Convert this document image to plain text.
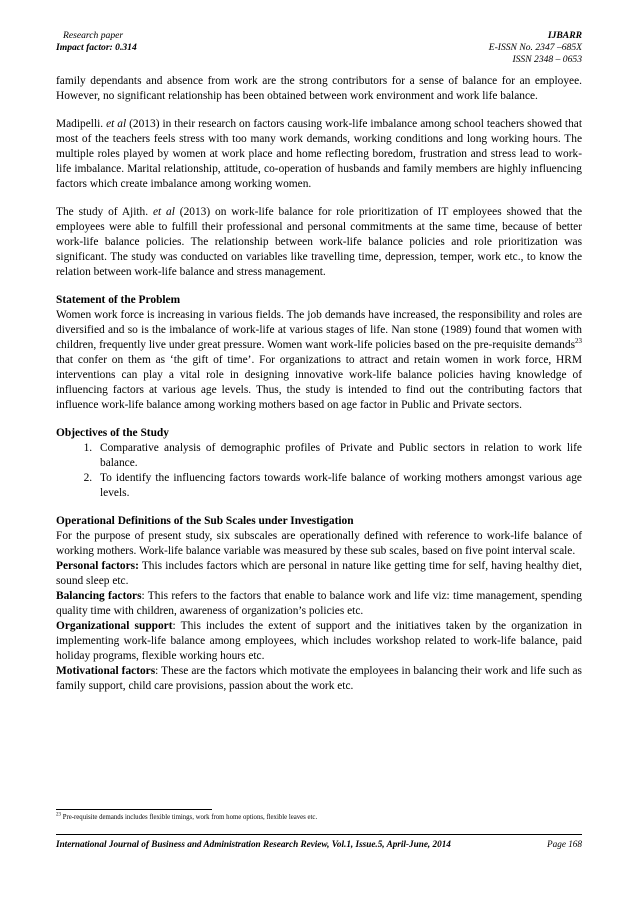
Research paper
Impact factor: 0.314
IJBARR
E-ISSN No. 2347 –685X
ISSN 2348 – 0653

family dependants and absence from work are the strong contributors for a sense of balance for an employee. However, no significant relationship has been obtained between work environment and work life balance.

Madipelli. et al (2013) in their research on factors causing work-life imbalance among school teachers showed that most of the teachers feels stress with too many work demands, working conditions and long working hours. The multiple roles played by women at work place and home reflecting boredom, frustration and stress lead to work-life imbalance. Marital relationship, attitude, co-operation of husbands and family members are highly influencing factors which create imbalance among working women.

The study of Ajith. et al (2013) on work-life balance for role prioritization of IT employees showed that the employees were able to fulfill their professional and personal commitments at the same time, because of better work-life balance policies. The relationship between work-life balance policies and role prioritization was significant. The study was conducted on variables like travelling time, depression, temper, work etc., to know the relation between work-life balance and stress management.

Statement of the Problem

Women work force is increasing in various fields. The job demands have increased, the responsibility and roles are diversified and so is the imbalance of work-life at various stages of life. Nan stone (1989) found that women with children, frequently live under great pressure. Women want work-life policies based on the pre-requisite demands$^{23}$ that confer on them as ‘the gift of time’. For organizations to attract and retain women in work force, HRM interventions can play a vital role in designing innovative work-life balance policies having knowledge of influencing factors at various age levels. Thus, the study is intended to find out the contributing factors that influence work-life balance among working mothers based on age factor in Public and Private sectors.

Objectives of the Study
1. Comparative analysis of demographic profiles of Private and Public sectors in relation to work life balance.
2. To identify the influencing factors towards work-life balance of working mothers amongst various age levels.
Operational Definitions of the Sub Scales under Investigation

For the purpose of present study, six subscales are operationally defined with reference to work-life balance of working mothers. Work-life balance variable was measured by these sub scales, based on five point interval scale.

Personal factors: This includes factors which are personal in nature like getting time for self, having healthy diet, sound sleep etc.

Balancing factors: This refers to the factors that enable to balance work and life viz: time management, spending quality time with children, awareness of organization’s policies etc.

Organizational support: This includes the extent of support and the initiatives taken by the organization in implementing work-life balance among employees, which includes workshop related to work-life balance, paid holiday programs, flexible working hours etc.

Motivational factors: These are the factors which motivate the employees in balancing their work and life such as family support, child care provisions, passion about the work etc.

$^{23}$ Pre-requisite demands includes flexible timings, work from home options, flexible leaves etc.
International Journal of Business and Administration Research Review, Vol.1, Issue.5, April-June, 2014	Page 168
